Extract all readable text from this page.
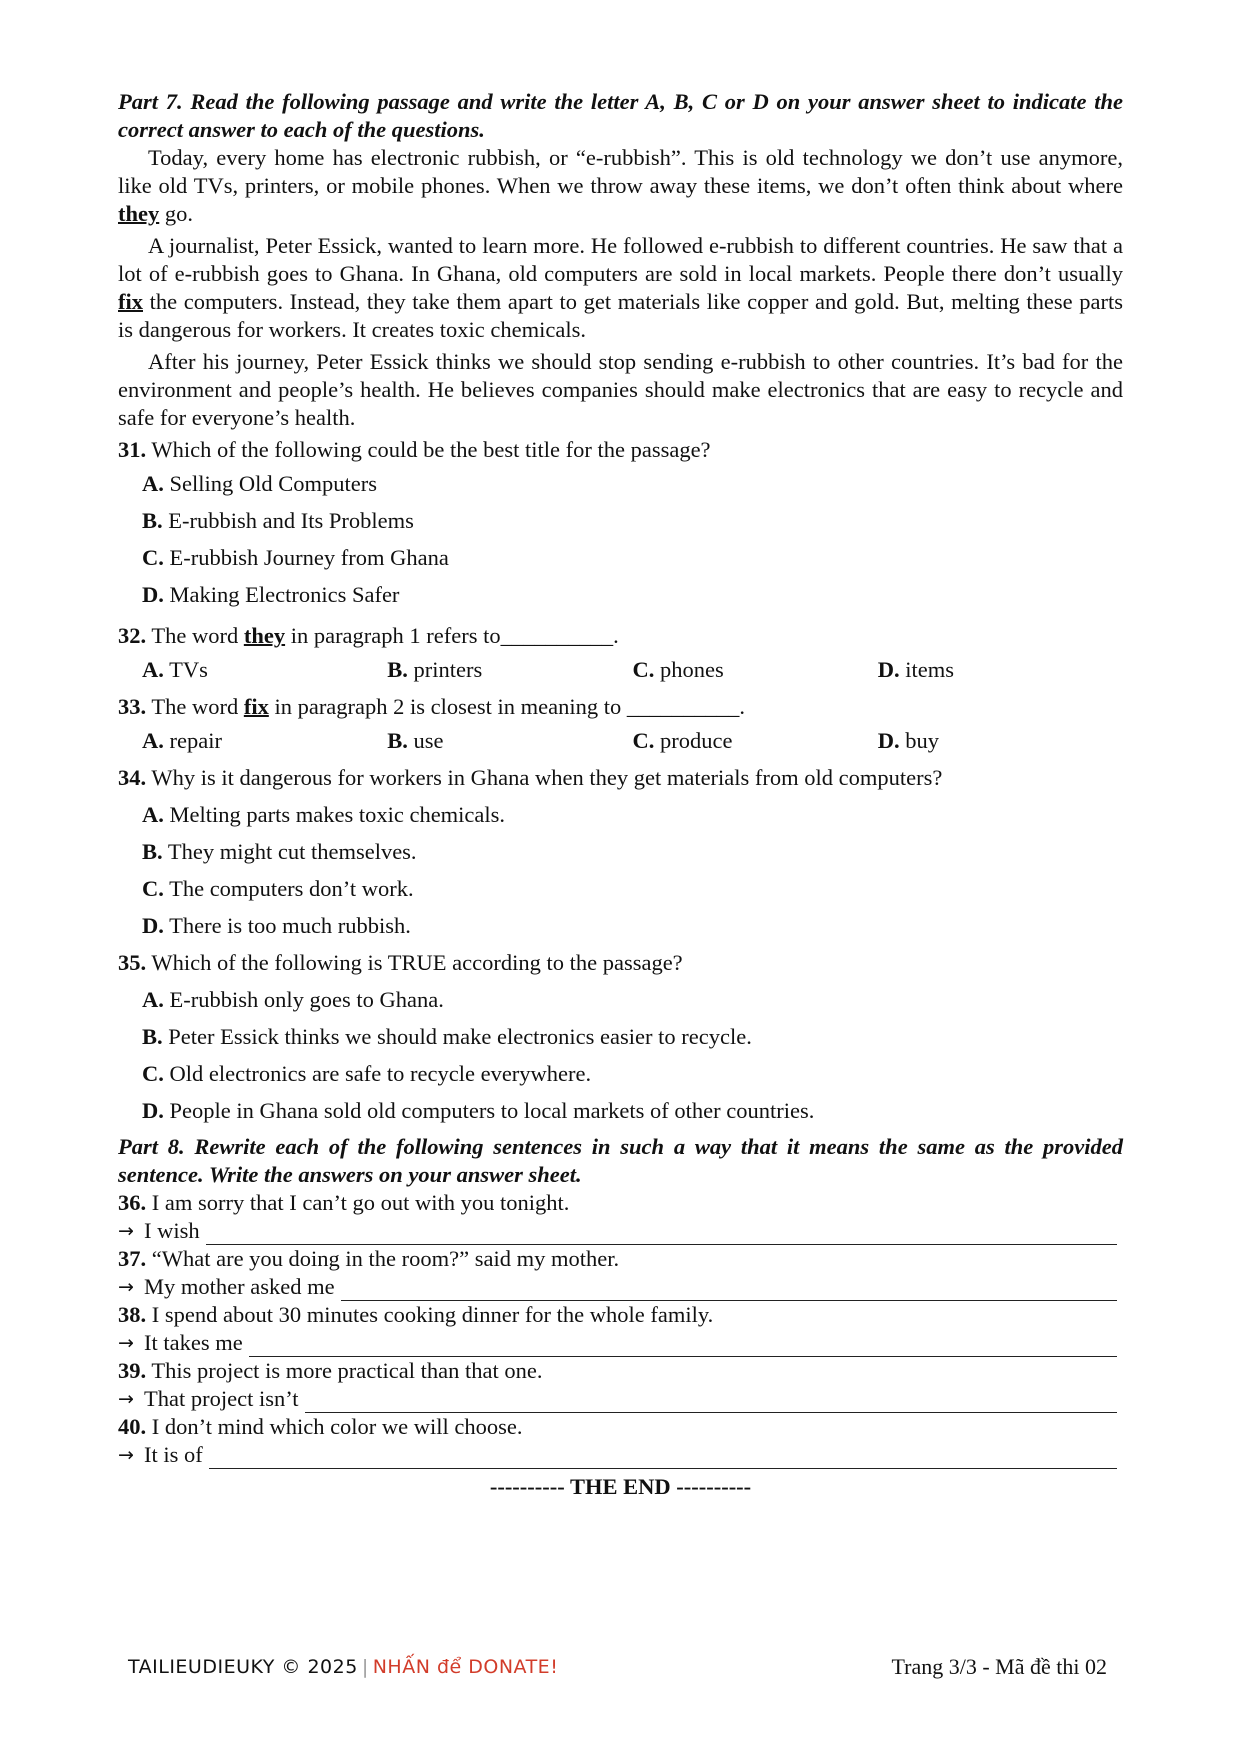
Part 7. Read the following passage and write the letter A, B, C or D on your answer sheet to indicate the correct answer to each of the questions.

Today, every home has electronic rubbish, or “e-rubbish”. This is old technology we don’t use anymore, like old TVs, printers, or mobile phones. When we throw away these items, we don’t often think about where they go.

A journalist, Peter Essick, wanted to learn more. He followed e-rubbish to different countries. He saw that a lot of e-rubbish goes to Ghana. In Ghana, old computers are sold in local markets. People there don’t usually fix the computers. Instead, they take them apart to get materials like copper and gold. But, melting these parts is dangerous for workers. It creates toxic chemicals.

After his journey, Peter Essick thinks we should stop sending e-rubbish to other countries. It’s bad for the environment and people’s health. He believes companies should make electronics that are easy to recycle and safe for everyone’s health.

31. Which of the following could be the best title for the passage?
A. Selling Old Computers
B. E-rubbish and Its Problems
C. E-rubbish Journey from Ghana
D. Making Electronics Safer
32. The word they in paragraph 1 refers to__________.
A. TVs	B. printers	C. phones	D. items
33. The word fix in paragraph 2 is closest in meaning to __________.
A. repair	B. use	C. produce	D. buy
34. Why is it dangerous for workers in Ghana when they get materials from old computers?
A. Melting parts makes toxic chemicals.
B. They might cut themselves.
C. The computers don’t work.
D. There is too much rubbish.
35. Which of the following is TRUE according to the passage?
A. E-rubbish only goes to Ghana.
B. Peter Essick thinks we should make electronics easier to recycle.
C. Old electronics are safe to recycle everywhere.
D. People in Ghana sold old computers to local markets of other countries.

Part 8. Rewrite each of the following sentences in such a way that it means the same as the provided sentence. Write the answers on your answer sheet.

36. I am sorry that I can’t go out with you tonight.
→ I wish
37. “What are you doing in the room?” said my mother.
→ My mother asked me
38. I spend about 30 minutes cooking dinner for the whole family.
→ It takes me
39. This project is more practical than that one.
→ That project isn’t
40. I don’t mind which color we will choose.
→ It is of
---------- THE END ----------
TAILIEUDIEUKY © 2025 | NHẤN để DONATE!	Trang 3/3 - Mã đề thi 02
